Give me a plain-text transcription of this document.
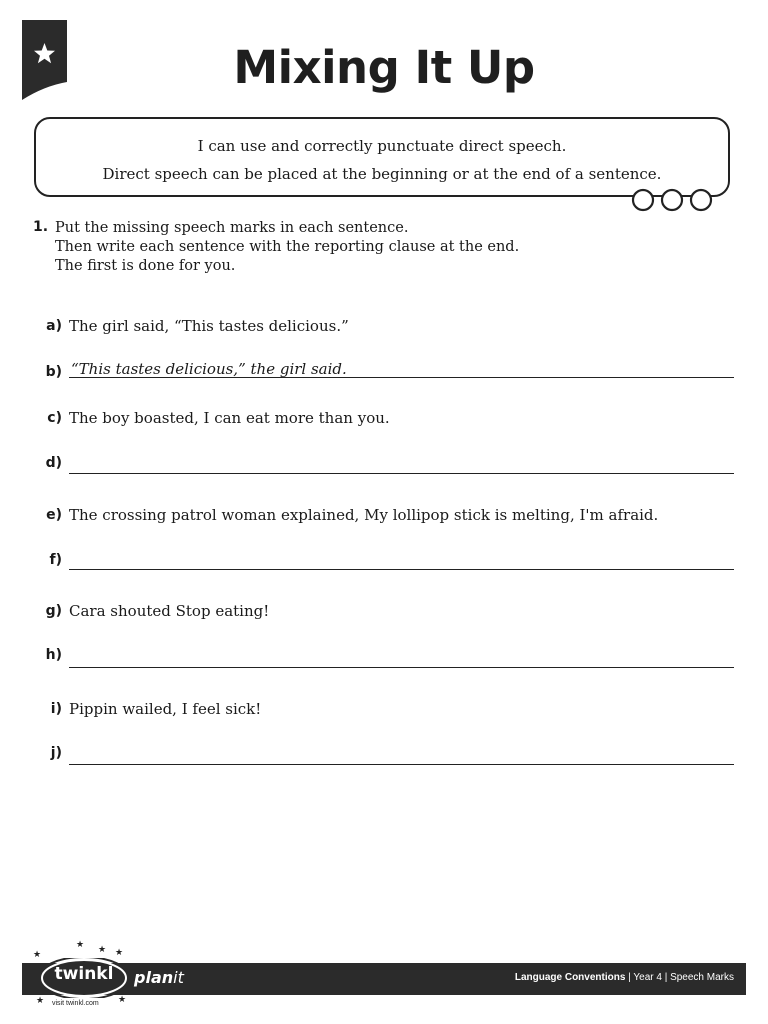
Mixing It Up
I can use and correctly punctuate direct speech.
Direct speech can be placed at the beginning or at the end of a sentence.
1. Put the missing speech marks in each sentence.
Then write each sentence with the reporting clause at the end.
The first is done for you.
a) The girl said, “This tastes delicious.”
b) “This tastes delicious,” the girl said.
c) The boy boasted, I can eat more than you.
d)
e) The crossing patrol woman explained, My lollipop stick is melting, I'm afraid.
f)
g) Cara shouted Stop eating!
h)
i) Pippin wailed, I feel sick!
j)
Language Conventions | Year 4 | Speech Marks
twinkl
visit twinkl.com
planit
★
★ ★ ★
★	★
